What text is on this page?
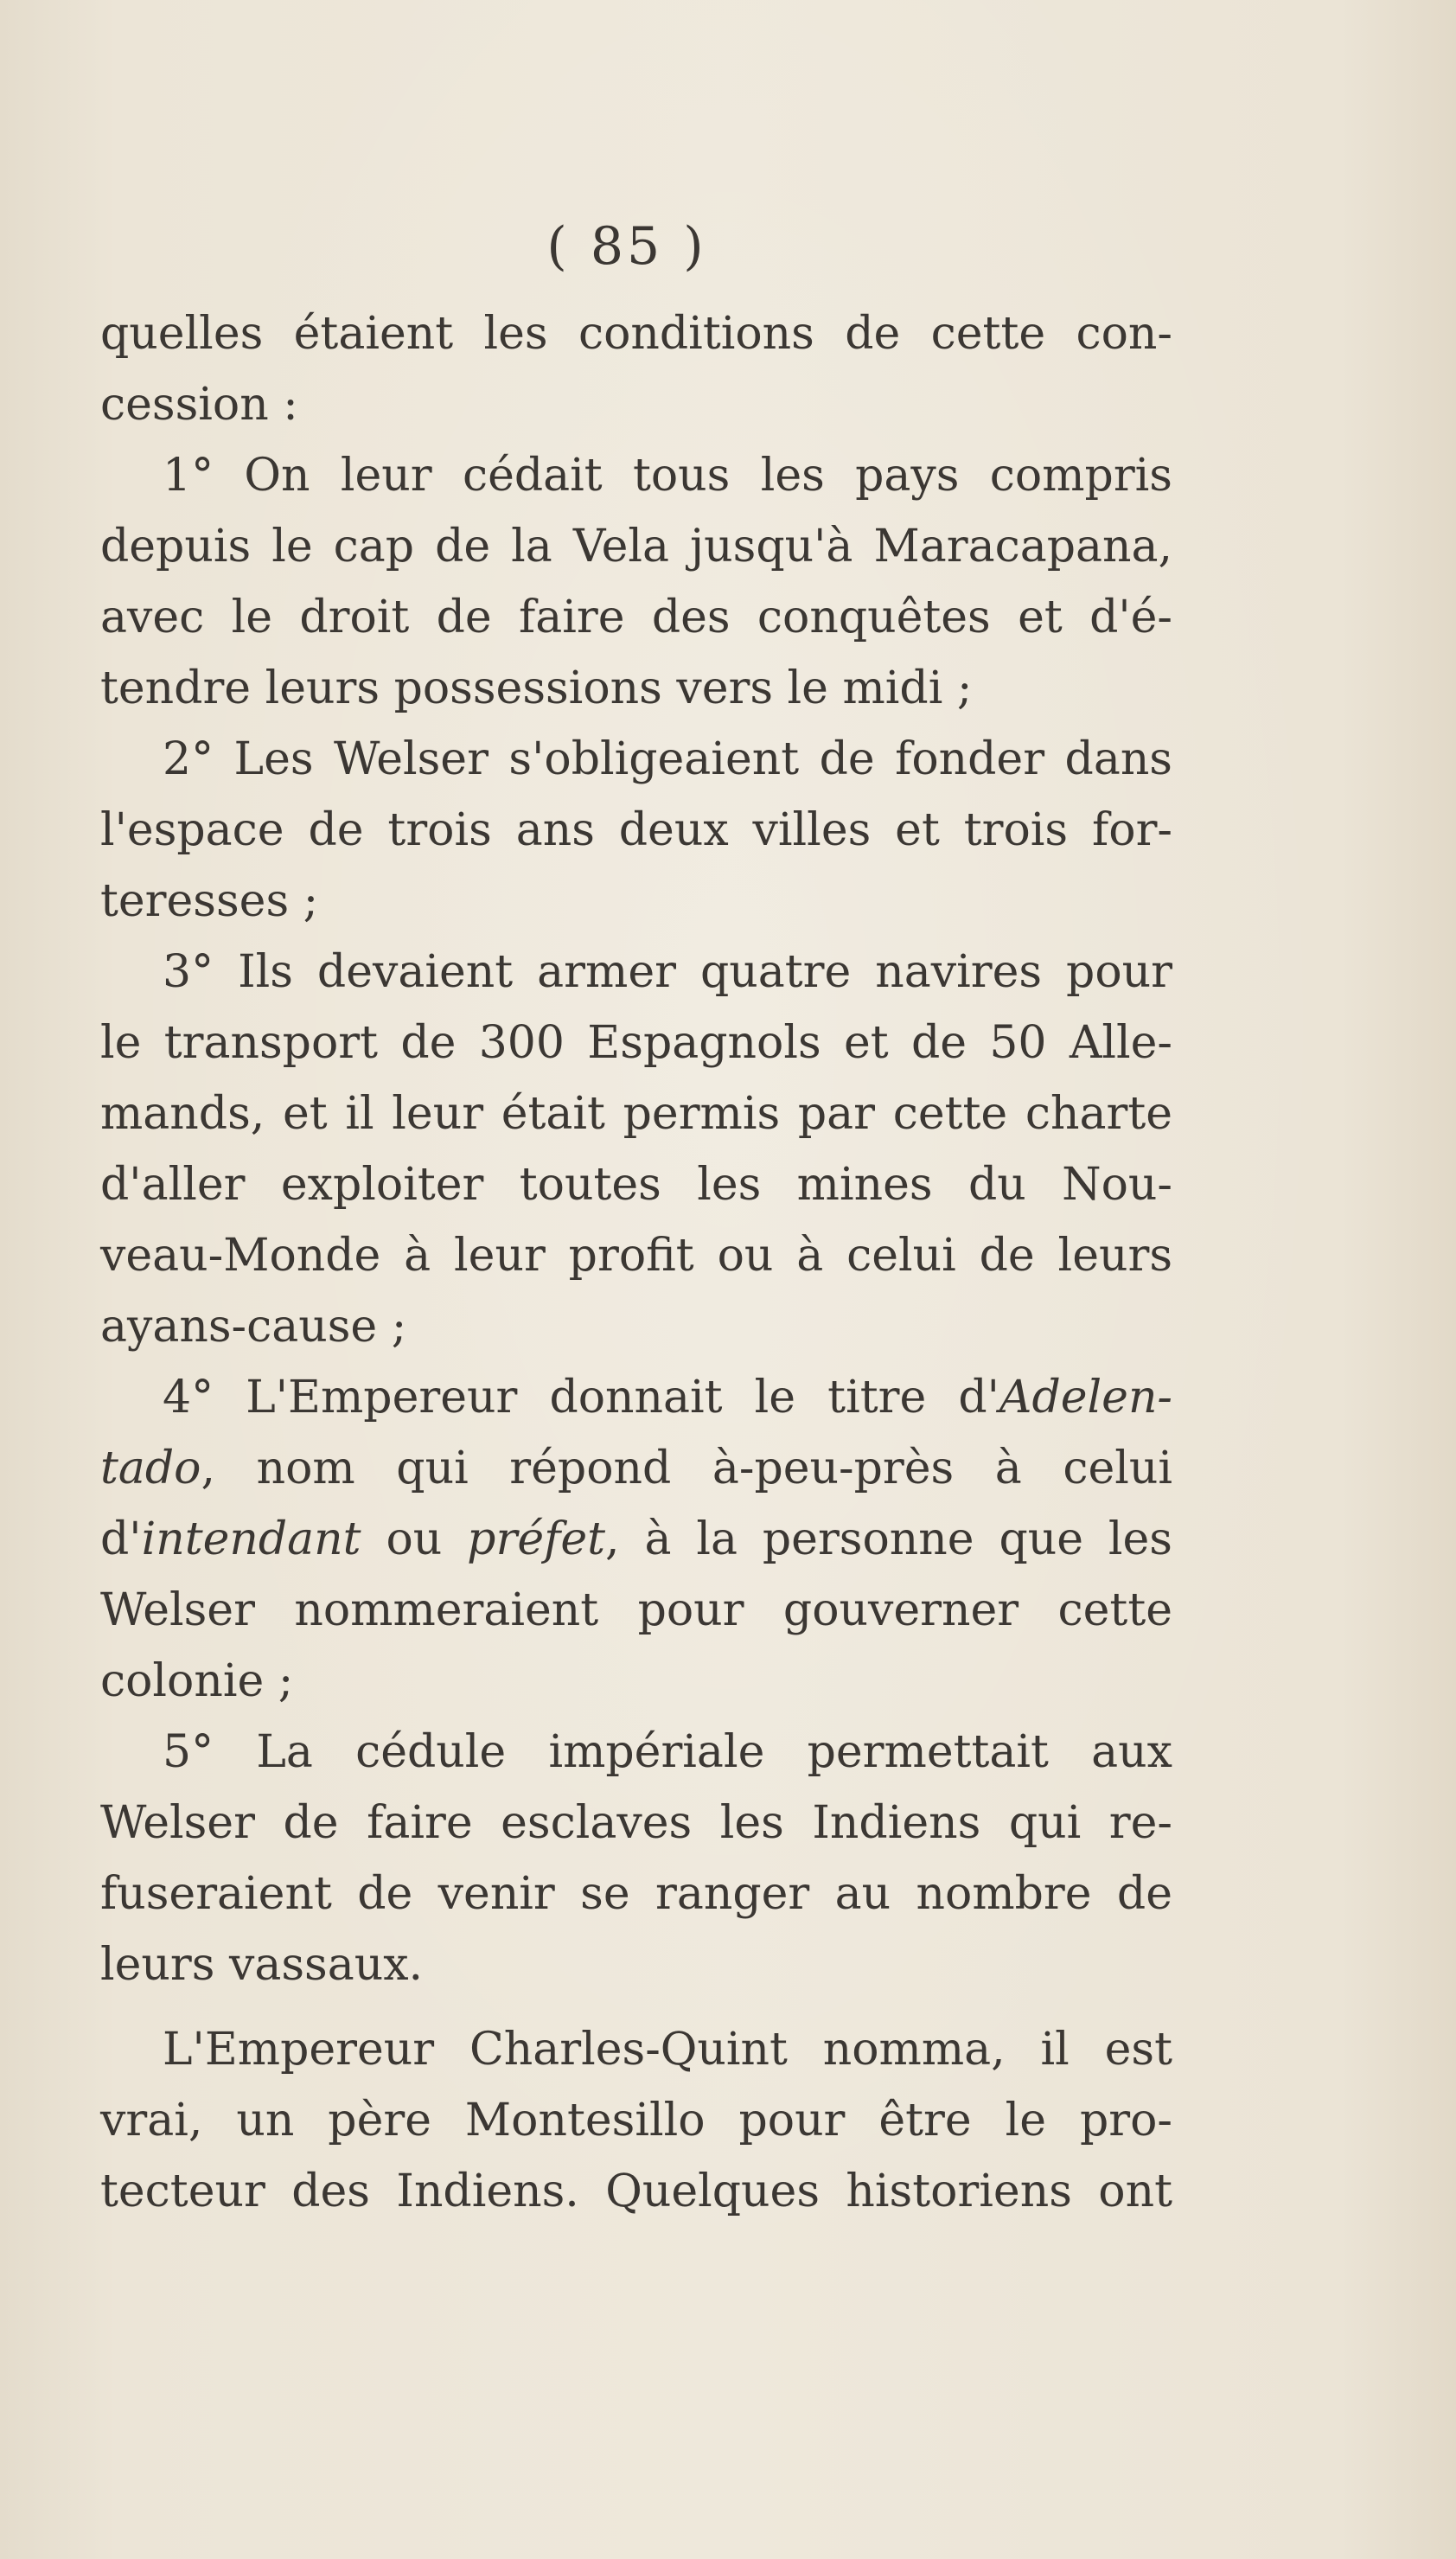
( 85 )
quelles étaient les conditions de cette con-
cession :
1° On leur cédait tous les pays compris
depuis le cap de la Vela jusqu'à Maracapana,
avec le droit de faire des conquêtes et d'é-
tendre leurs possessions vers le midi ;
2° Les Welser s'obligeaient de fonder dans
l'espace de trois ans deux villes et trois for-
teresses ;
3° Ils devaient armer quatre navires pour
le transport de 300 Espagnols et de 50 Alle-
mands, et il leur était permis par cette charte
d'aller exploiter toutes les mines du Nou-
veau-Monde à leur profit ou à celui de leurs
ayans-cause ;
4° L'Empereur donnait le titre d'Adelen-
tado, nom qui répond à-peu-près à celui
d'intendant ou préfet, à la personne que les
Welser nommeraient pour gouverner cette
colonie ;
5° La cédule impériale permettait aux
Welser de faire esclaves les Indiens qui re-
fuseraient de venir se ranger au nombre de
leurs vassaux.
L'Empereur Charles-Quint nomma, il est
vrai, un père Montesillo pour être le pro-
tecteur des Indiens. Quelques historiens ont
